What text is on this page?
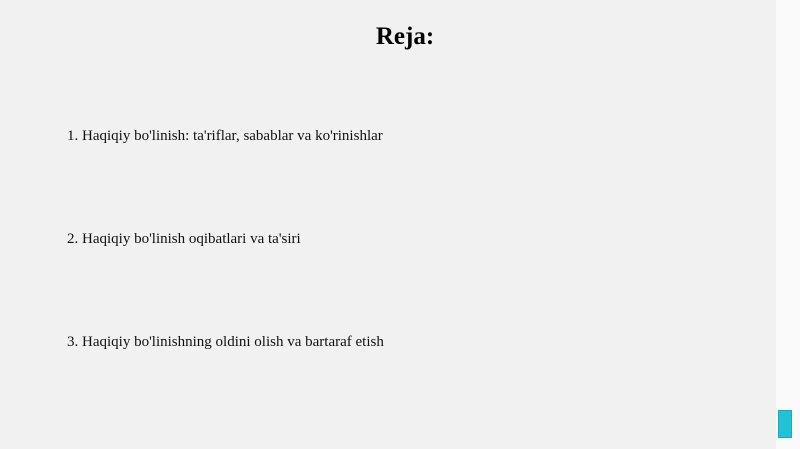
Reja:
1. Haqiqiy bo'linish: ta'riflar, sabablar va ko'rinishlar
2. Haqiqiy bo'linish oqibatlari va ta'siri
3. Haqiqiy bo'linishning oldini olish va bartaraf etish
